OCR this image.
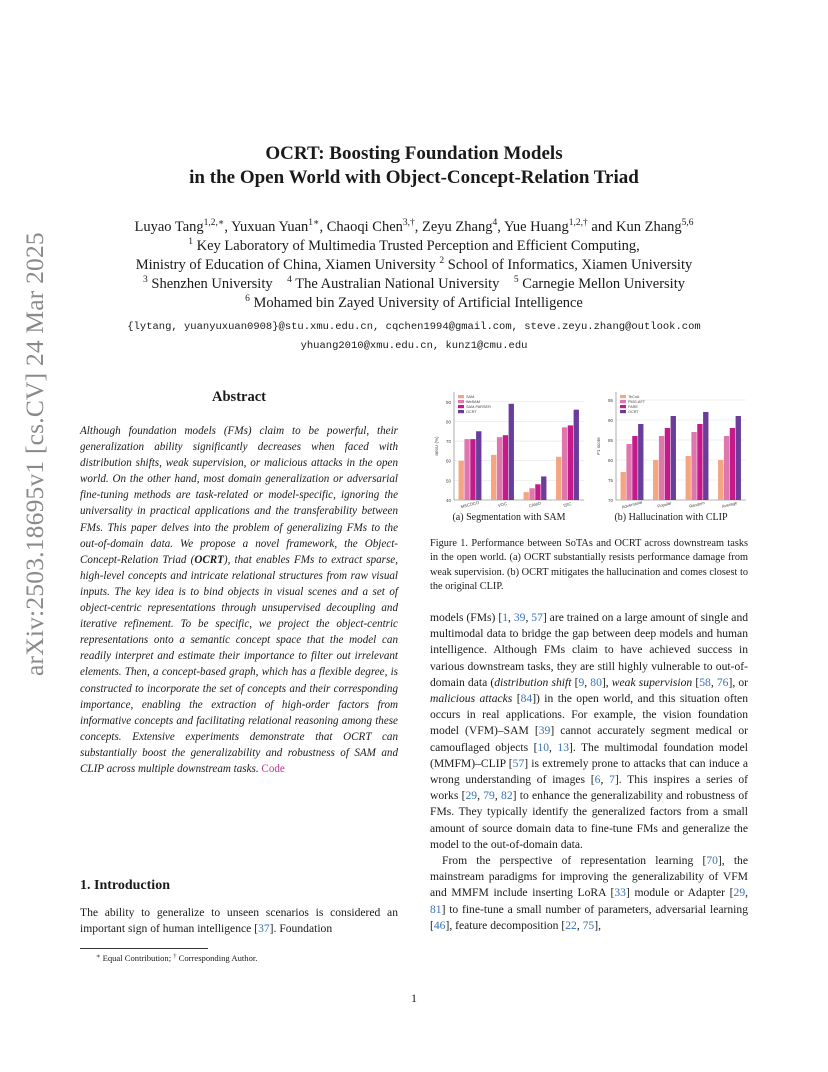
arXiv:2503.18695v1 [cs.CV] 24 Mar 2025
OCRT: Boosting Foundation Models
in the Open World with Object-Concept-Relation Triad
Luyao Tang$^{1,2,∗}$, Yuxuan Yuan$^{1∗}$, Chaoqi Chen$^{3,\dagger}$, Zeyu Zhang$^4$, Yue Huang$^{1,2,\dagger}$ and Kun Zhang$^{5,6}$
$^1$ Key Laboratory of Multimedia Trusted Perception and Efficient Computing,
Ministry of Education of China, Xiamen University $^2$ School of Informatics, Xiamen University
$^3$ Shenzhen University $^4$ The Australian National University $^5$ Carnegie Mellon University
$^6$ Mohamed bin Zayed University of Artificial Intelligence
{lytang, yuanyuxuan0908}@stu.xmu.edu.cn, cqchen1994@gmail.com, steve.zeyu.zhang@outlook.com
yhuang2010@xmu.edu.cn, kunz1@cmu.edu
Abstract
Although foundation models (FMs) claim to be powerful, their generalization ability significantly decreases when faced with distribution shifts, weak supervision, or malicious attacks in the open world. On the other hand, most domain generalization or adversarial fine-tuning methods are task-related or model-specific, ignoring the universality in practical applications and the transferability between FMs. This paper delves into the problem of generalizing FMs to the out-of-domain data. We propose a novel framework, the Object-Concept-Relation Triad (OCRT), that enables FMs to extract sparse, high-level concepts and intricate relational structures from raw visual inputs. The key idea is to bind objects in visual scenes and a set of object-centric representations through unsupervised decoupling and iterative refinement. To be specific, we project the object-centric representations onto a semantic concept space that the model can readily interpret and estimate their importance to filter out irrelevant elements. Then, a concept-based graph, which has a flexible degree, is constructed to incorporate the set of concepts and their corresponding importance, enabling the extraction of high-order factors from informative concepts and facilitating relational reasoning among these concepts. Extensive experiments demonstrate that OCRT can substantially boost the generalizability and robustness of SAM and CLIP across multiple downstream tasks. Code
1. Introduction
The ability to generalize to unseen scenarios is considered an important sign of human intelligence [37]. Foundation
∗ Equal Contribution; † Corresponding Author.
40
50
60
70
80
90
mIoU (%)
MSCOCO	VOC	CAMO	ISIC
SAM
WeSAM
SAM-PARSER
OCRT
70
75
80
85
90
95
F1 score
Adversarial	Popular	Random	Average
TeCoA
PMG-AFT
FARE
OCRT
(a) Segmentation with SAM	(b) Hallucination with CLIP
Figure 1. Performance between SoTAs and OCRT across downstream tasks in the open world. (a) OCRT substantially resists performance damage from weak supervision. (b) OCRT mitigates the hallucination and comes closest to the original CLIP.

models (FMs) [1, 39, 57] are trained on a large amount of single and multimodal data to bridge the gap between deep models and human intelligence. Although FMs claim to have achieved success in various downstream tasks, they are still highly vulnerable to out-of-domain data (distribution shift [9, 80], weak supervision [58, 76], or malicious attacks [84]) in the open world, and this situation often occurs in real applications. For example, the vision foundation model (VFM)–SAM [39] cannot accurately segment medical or camouflaged objects [10, 13]. The multimodal foundation model (MMFM)–CLIP [57] is extremely prone to attacks that can induce a wrong understanding of images [6, 7]. This inspires a series of works [29, 79, 82] to enhance the generalizability and robustness of FMs. They typically identify the generalized factors from a small amount of source domain data to fine-tune FMs and generalize the model to the out-of-domain data.

From the perspective of representation learning [70], the mainstream paradigms for improving the generalizability of VFM and MMFM include inserting LoRA [33] module or Adapter [29, 81] to fine-tune a small number of parameters, adversarial learning [46], feature decomposition [22, 75],

1
